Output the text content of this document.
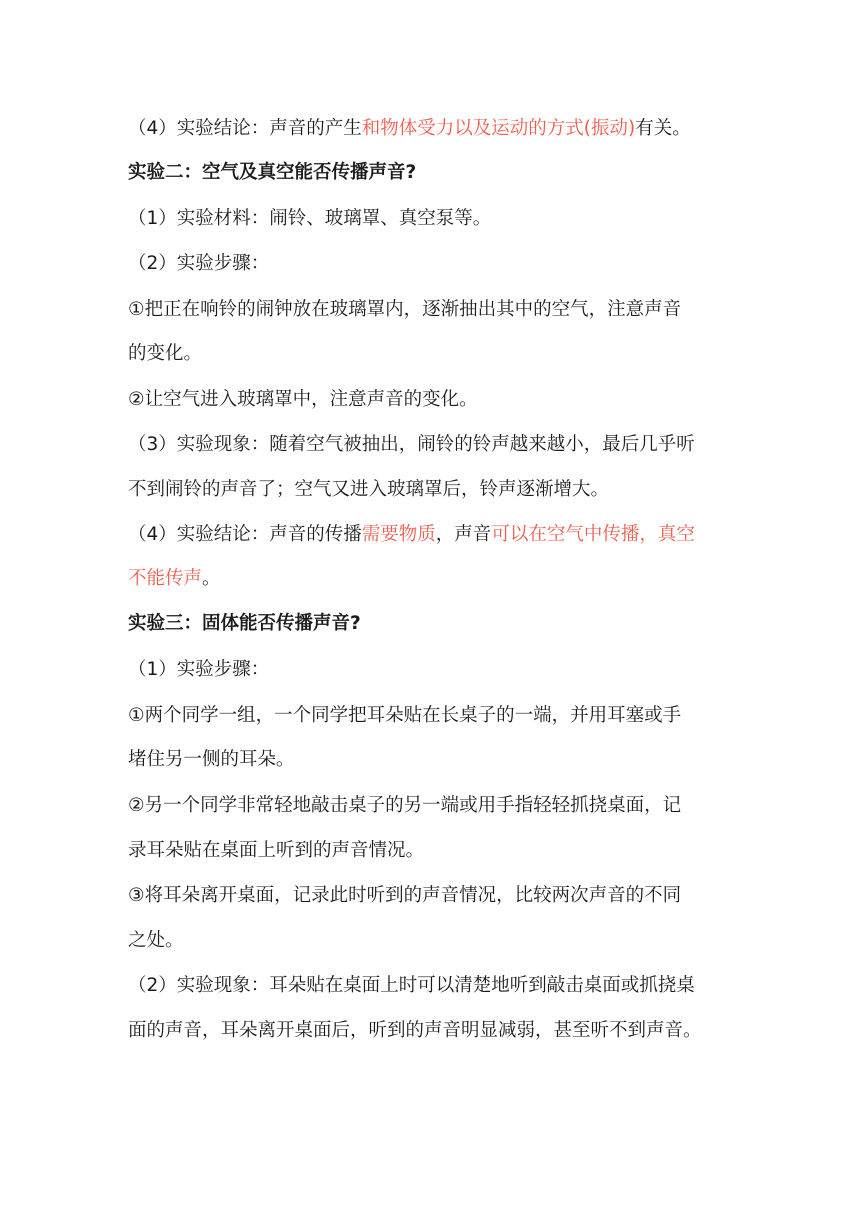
（4）实验结论：声音的产生和物体受力以及运动的方式(振动)有关。
实验二：空气及真空能否传播声音?
（1）实验材料：闹铃、玻璃罩、真空泵等。
（2）实验步骤：
①把正在响铃的闹钟放在玻璃罩内，逐渐抽出其中的空气，注意声音
的变化。
②让空气进入玻璃罩中，注意声音的变化。
（3）实验现象：随着空气被抽出，闹铃的铃声越来越小，最后几乎听
不到闹铃的声音了；空气又进入玻璃罩后，铃声逐渐增大。
（4）实验结论：声音的传播需要物质，声音可以在空气中传播，真空
不能传声。
实验三：固体能否传播声音?
（1）实验步骤：
①两个同学一组，一个同学把耳朵贴在长桌子的一端，并用耳塞或手
堵住另一侧的耳朵。
②另一个同学非常轻地敲击桌子的另一端或用手指轻轻抓挠桌面，记
录耳朵贴在桌面上听到的声音情况。
③将耳朵离开桌面，记录此时听到的声音情况，比较两次声音的不同
之处。
（2）实验现象：耳朵贴在桌面上时可以清楚地听到敲击桌面或抓挠桌
面的声音，耳朵离开桌面后，听到的声音明显减弱，甚至听不到声音。
